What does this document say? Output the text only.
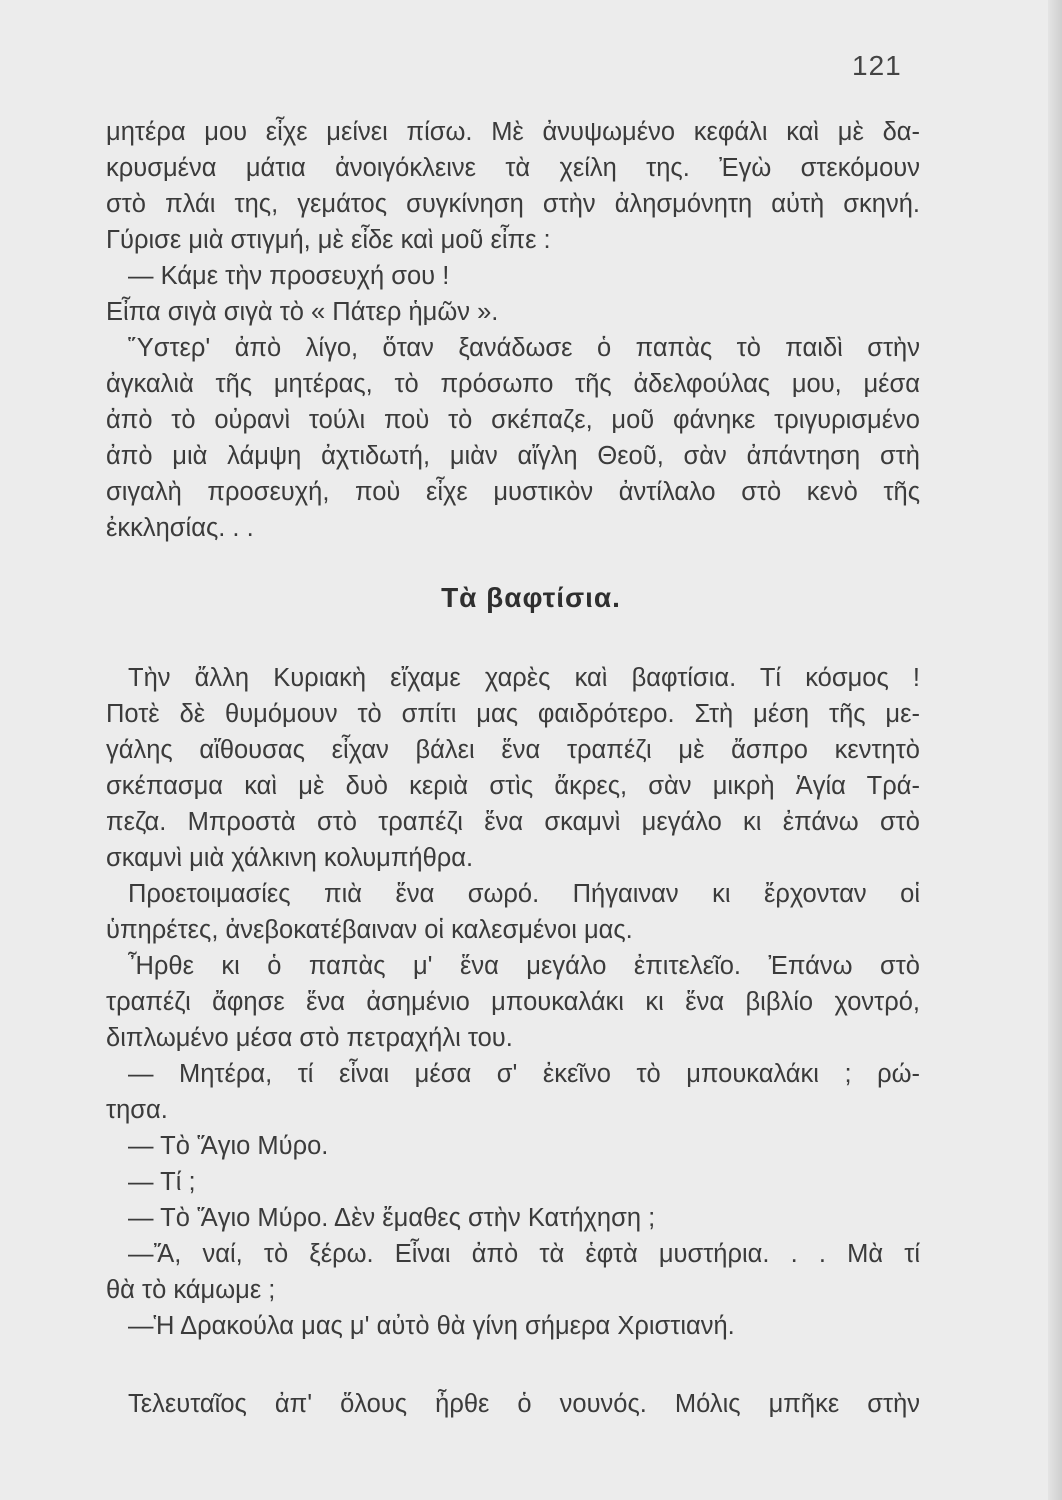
121
μητέρα μου εἶχε μείνει πίσω. Μὲ ἀνυψωμένο κεφάλι καὶ μὲ δα-
κρυσμένα μάτια ἀνοιγόκλεινε τὰ χείλη της. Ἐγὼ στεκόμουν
στὸ πλάι της, γεμάτος συγκίνηση στὴν ἀλησμόνητη αὐτὴ σκηνή.
Γύρισε μιὰ στιγμή, μὲ εἶδε καὶ μοῦ εἶπε :
— Κάμε τὴν προσευχή σου !
Εἶπα σιγὰ σιγὰ τὸ « Πάτερ ἡμῶν ».
Ὕστερ' ἀπὸ λίγο, ὅταν ξανάδωσε ὁ παπὰς τὸ παιδὶ στὴν
ἀγκαλιὰ τῆς μητέρας, τὸ πρόσωπο τῆς ἀδελφούλας μου, μέσα
ἀπὸ τὸ οὐρανὶ τούλι ποὺ τὸ σκέπαζε, μοῦ φάνηκε τριγυρισμένο
ἀπὸ μιὰ λάμψη ἀχτιδωτή, μιὰν αἴγλη Θεοῦ, σὰν ἀπάντηση στὴ
σιγαλὴ προσευχή, ποὺ εἶχε μυστικὸν ἀντίλαλο στὸ κενὸ τῆς
ἐκκλησίας. . .
Τὰ βαφτίσια.
Τὴν ἄλλη Κυριακὴ εἴχαμε χαρὲς καὶ βαφτίσια. Τί κόσμος !
Ποτὲ δὲ θυμόμουν τὸ σπίτι μας φαιδρότερο. Στὴ μέση τῆς με-
γάλης αἴθουσας εἶχαν βάλει ἕνα τραπέζι μὲ ἄσπρο κεντητὸ
σκέπασμα καὶ μὲ δυὸ κεριὰ στὶς ἄκρες, σὰν μικρὴ Ἁγία Τρά-
πεζα. Μπροστὰ στὸ τραπέζι ἕνα σκαμνὶ μεγάλο κι ἐπάνω στὸ
σκαμνὶ μιὰ χάλκινη κολυμπήθρα.
Προετοιμασίες πιὰ ἕνα σωρό. Πήγαιναν κι ἔρχονταν οἱ
ὑπηρέτες, ἀνεβοκατέβαιναν οἱ καλεσμένοι μας.
Ἦρθε κι ὁ παπὰς μ' ἕνα μεγάλο ἐπιτελεῖο. Ἐπάνω στὸ
τραπέζι ἄφησε ἕνα ἀσημένιο μπουκαλάκι κι ἕνα βιβλίο χοντρό,
διπλωμένο μέσα στὸ πετραχήλι του.
— Μητέρα, τί εἶναι μέσα σ' ἐκεῖνο τὸ μπουκαλάκι ; ρώ-
τησα.
— Τὸ Ἅγιο Μύρο.
— Τί ;
— Τὸ Ἅγιο Μύρο. Δὲν ἔμαθες στὴν Κατήχηση ;
—Ἄ, ναί, τὸ ξέρω. Εἶναι ἀπὸ τὰ ἑφτὰ μυστήρια. . . Μὰ τί
θὰ τὸ κάμωμε ;
—Ἡ Δρακούλα μας μ' αὐτὸ θὰ γίνη σήμερα Χριστιανή.
Τελευταῖος ἀπ' ὅλους ἦρθε ὁ νουνός. Μόλις μπῆκε στὴν
